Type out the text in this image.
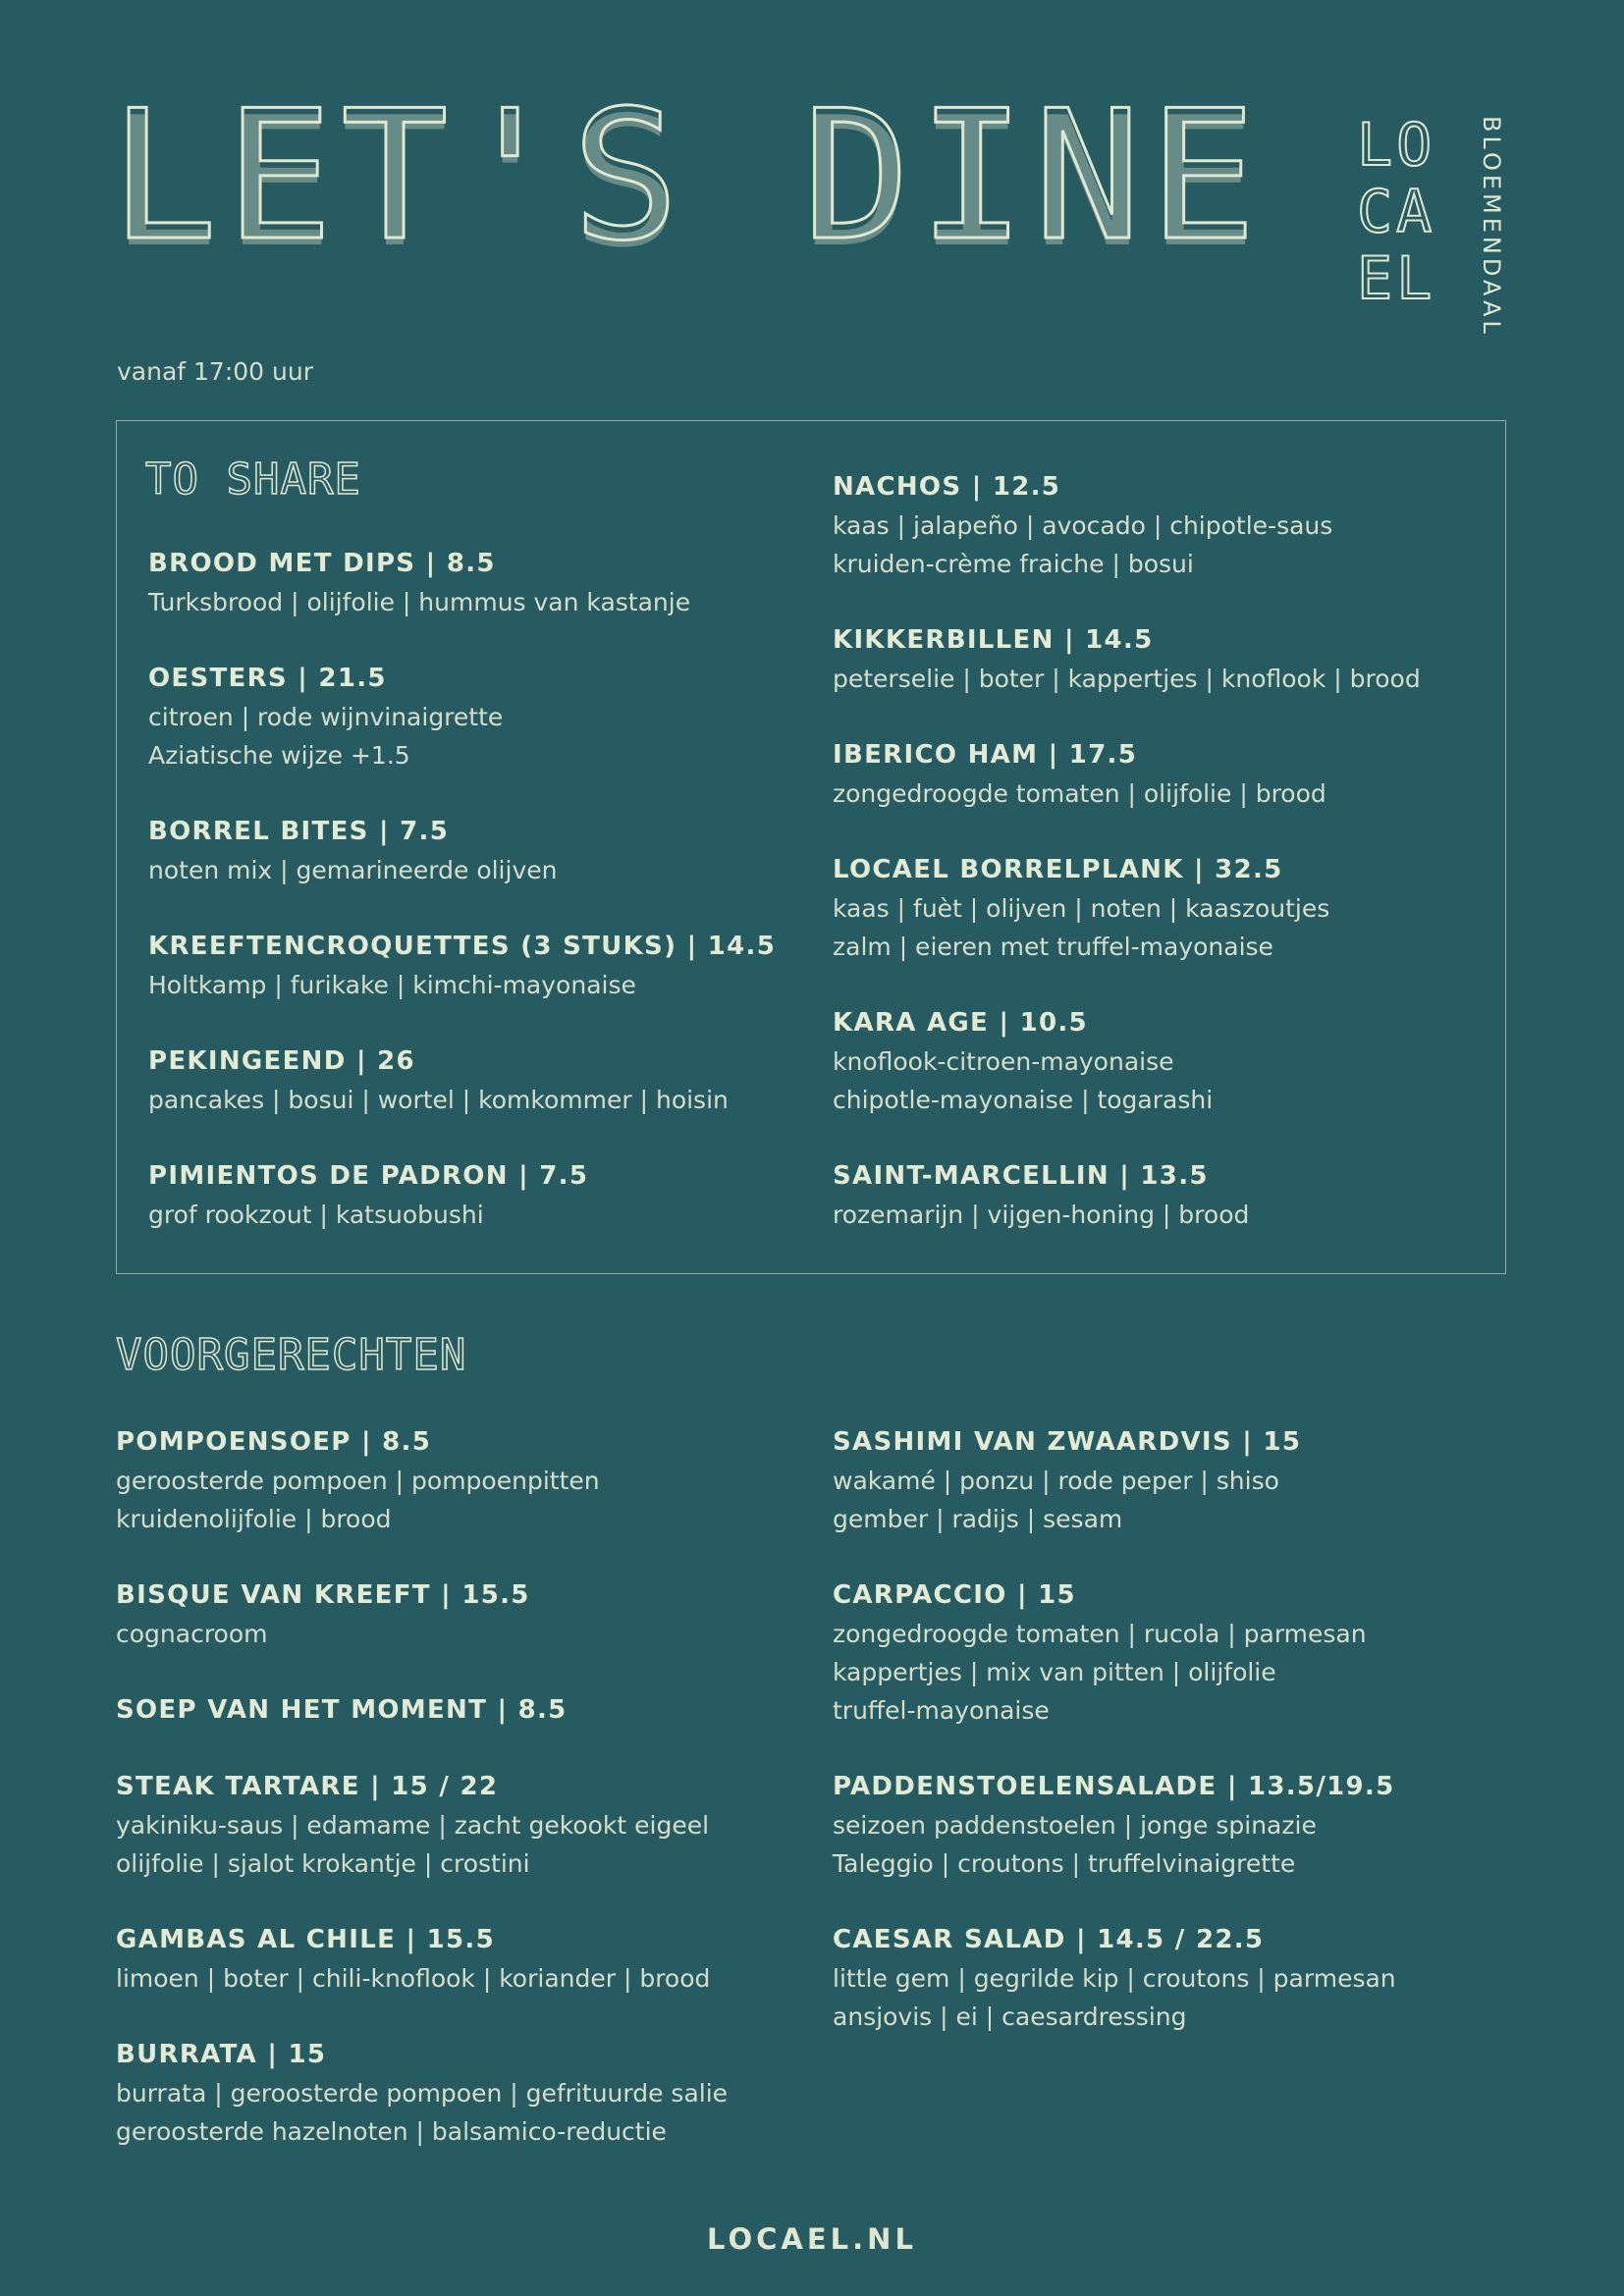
LET'S DINE
vanaf 17:00 uur
LO
CA
EL	BLOEMENDAAL
TO SHARE
BROOD MET DIPS | 8.5
Turksbrood | olijfolie | hummus van kastanje
OESTERS | 21.5
citroen | rode wijnvinaigrette
Aziatische wijze +1.5
BORREL BITES | 7.5
noten mix | gemarineerde olijven
KREEFTENCROQUETTES (3 STUKS) | 14.5
Holtkamp | furikake | kimchi-mayonaise
PEKINGEEND | 26
pancakes | bosui | wortel | komkommer | hoisin
PIMIENTOS DE PADRON | 7.5
grof rookzout | katsuobushi
NACHOS | 12.5
kaas | jalapeño | avocado | chipotle-saus
kruiden-crème fraiche | bosui
KIKKERBILLEN | 14.5
peterselie | boter | kappertjes | knoflook | brood
IBERICO HAM | 17.5
zongedroogde tomaten | olijfolie | brood
LOCAEL BORRELPLANK | 32.5
kaas | fuèt | olijven | noten | kaaszoutjes
zalm | eieren met truffel-mayonaise
KARA AGE | 10.5
knoflook-citroen-mayonaise
chipotle-mayonaise | togarashi
SAINT-MARCELLIN | 13.5
rozemarijn | vijgen-honing | brood
VOORGERECHTEN
POMPOENSOEP | 8.5
geroosterde pompoen | pompoenpitten
kruidenolijfolie | brood
BISQUE VAN KREEFT | 15.5
cognacroom
SOEP VAN HET MOMENT | 8.5
STEAK TARTARE | 15 / 22
yakiniku-saus | edamame | zacht gekookt eigeel
olijfolie | sjalot krokantje | crostini
GAMBAS AL CHILE | 15.5
limoen | boter | chili-knoflook | koriander | brood
BURRATA | 15
burrata | geroosterde pompoen | gefrituurde salie
geroosterde hazelnoten | balsamico-reductie
SASHIMI VAN ZWAARDVIS | 15
wakamé | ponzu | rode peper | shiso
gember | radijs | sesam
CARPACCIO | 15
zongedroogde tomaten | rucola | parmesan
kappertjes | mix van pitten | olijfolie
truffel-mayonaise
PADDENSTOELENSALADE | 13.5/19.5
seizoen paddenstoelen | jonge spinazie
Taleggio | croutons | truffelvinaigrette
CAESAR SALAD | 14.5 / 22.5
little gem | gegrilde kip | croutons | parmesan
ansjovis | ei | caesardressing
LOCAEL.NL
